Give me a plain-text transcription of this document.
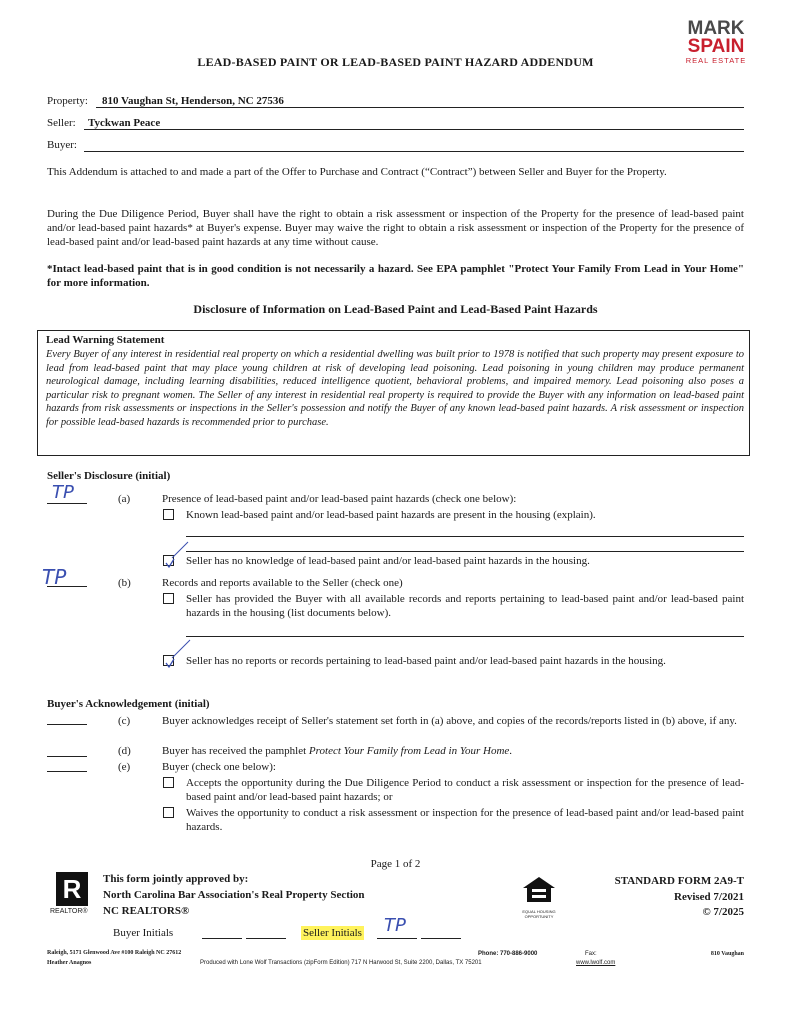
MARK
SPAIN
REAL ESTATE
LEAD-BASED PAINT OR LEAD-BASED PAINT HAZARD ADDENDUM
Property: 810 Vaughan St, Henderson, NC 27536
Seller: Tyckwan Peace
Buyer:
This Addendum is attached to and made a part of the Offer to Purchase and Contract (“Contract”) between Seller and Buyer for the Property.
During the Due Diligence Period, Buyer shall have the right to obtain a risk assessment or inspection of the Property for the presence of lead-based paint and/or lead-based paint hazards* at Buyer's expense. Buyer may waive the right to obtain a risk assessment or inspection of the Property for the presence of lead-based paint and/or lead-based paint hazards at any time without cause.
*Intact lead-based paint that is in good condition is not necessarily a hazard. See EPA pamphlet "Protect Your Family From Lead in Your Home" for more information.
Disclosure of Information on Lead-Based Paint and Lead-Based Paint Hazards
Lead Warning Statement
Every Buyer of any interest in residential real property on which a residential dwelling was built prior to 1978 is notified that such property may present exposure to lead from lead-based paint that may place young children at risk of developing lead poisoning. Lead poisoning in young children may produce permanent neurological damage, including learning disabilities, reduced intelligence quotient, behavioral problems, and impaired memory. Lead poisoning also poses a particular risk to pregnant women. The Seller of any interest in residential real property is required to provide the Buyer with any information on lead-based paint hazards from risk assessments or inspections in the Seller's possession and notify the Buyer of any known lead-based paint hazards. A risk assessment or inspection for possible lead-based hazards is recommended prior to purchase.
Seller's Disclosure (initial)
TP	(a)	Presence of lead-based paint and/or lead-based paint hazards (check one below):
Known lead-based paint and/or lead-based paint hazards are present in the housing (explain).
Seller has no knowledge of lead-based paint and/or lead-based paint hazards in the housing.
TP	(b)	Records and reports available to the Seller (check one)
Seller has provided the Buyer with all available records and reports pertaining to lead-based paint and/or lead-based paint hazards in the housing (list documents below).
Seller has no reports or records pertaining to lead-based paint and/or lead-based paint hazards in the housing.
Buyer's Acknowledgement (initial)
(c)	Buyer acknowledges receipt of Seller's statement set forth in (a) above, and copies of the records/reports listed in (b) above, if any.
(d)	Buyer has received the pamphlet Protect Your Family from Lead in Your Home.
(e)	Buyer (check one below):
Accepts the opportunity during the Due Diligence Period to conduct a risk assessment or inspection for the presence of lead-based paint and/or lead-based paint hazards; or
Waives the opportunity to conduct a risk assessment or inspection for the presence of lead-based paint and/or lead-based paint hazards.
Page 1 of 2
R
REALTOR®
This form jointly approved by:
North Carolina Bar Association's Real Property Section
NC REALTORS®	EQUAL HOUSING OPPORTUNITY
STANDARD FORM 2A9-T
Revised 7/2021
© 7/2025
Buyer Initials	Seller Initials TP
Raleigh, 5171 Glenwood Ave #100 Raleigh NC 27612
Heather Anagnos
Phone: 770-886-9000	Fax:	810 Vaughan
Produced with Lone Wolf Transactions (zipForm Edition) 717 N Harwood St, Suite 2200, Dallas, TX 75201	www.lwolf.com
